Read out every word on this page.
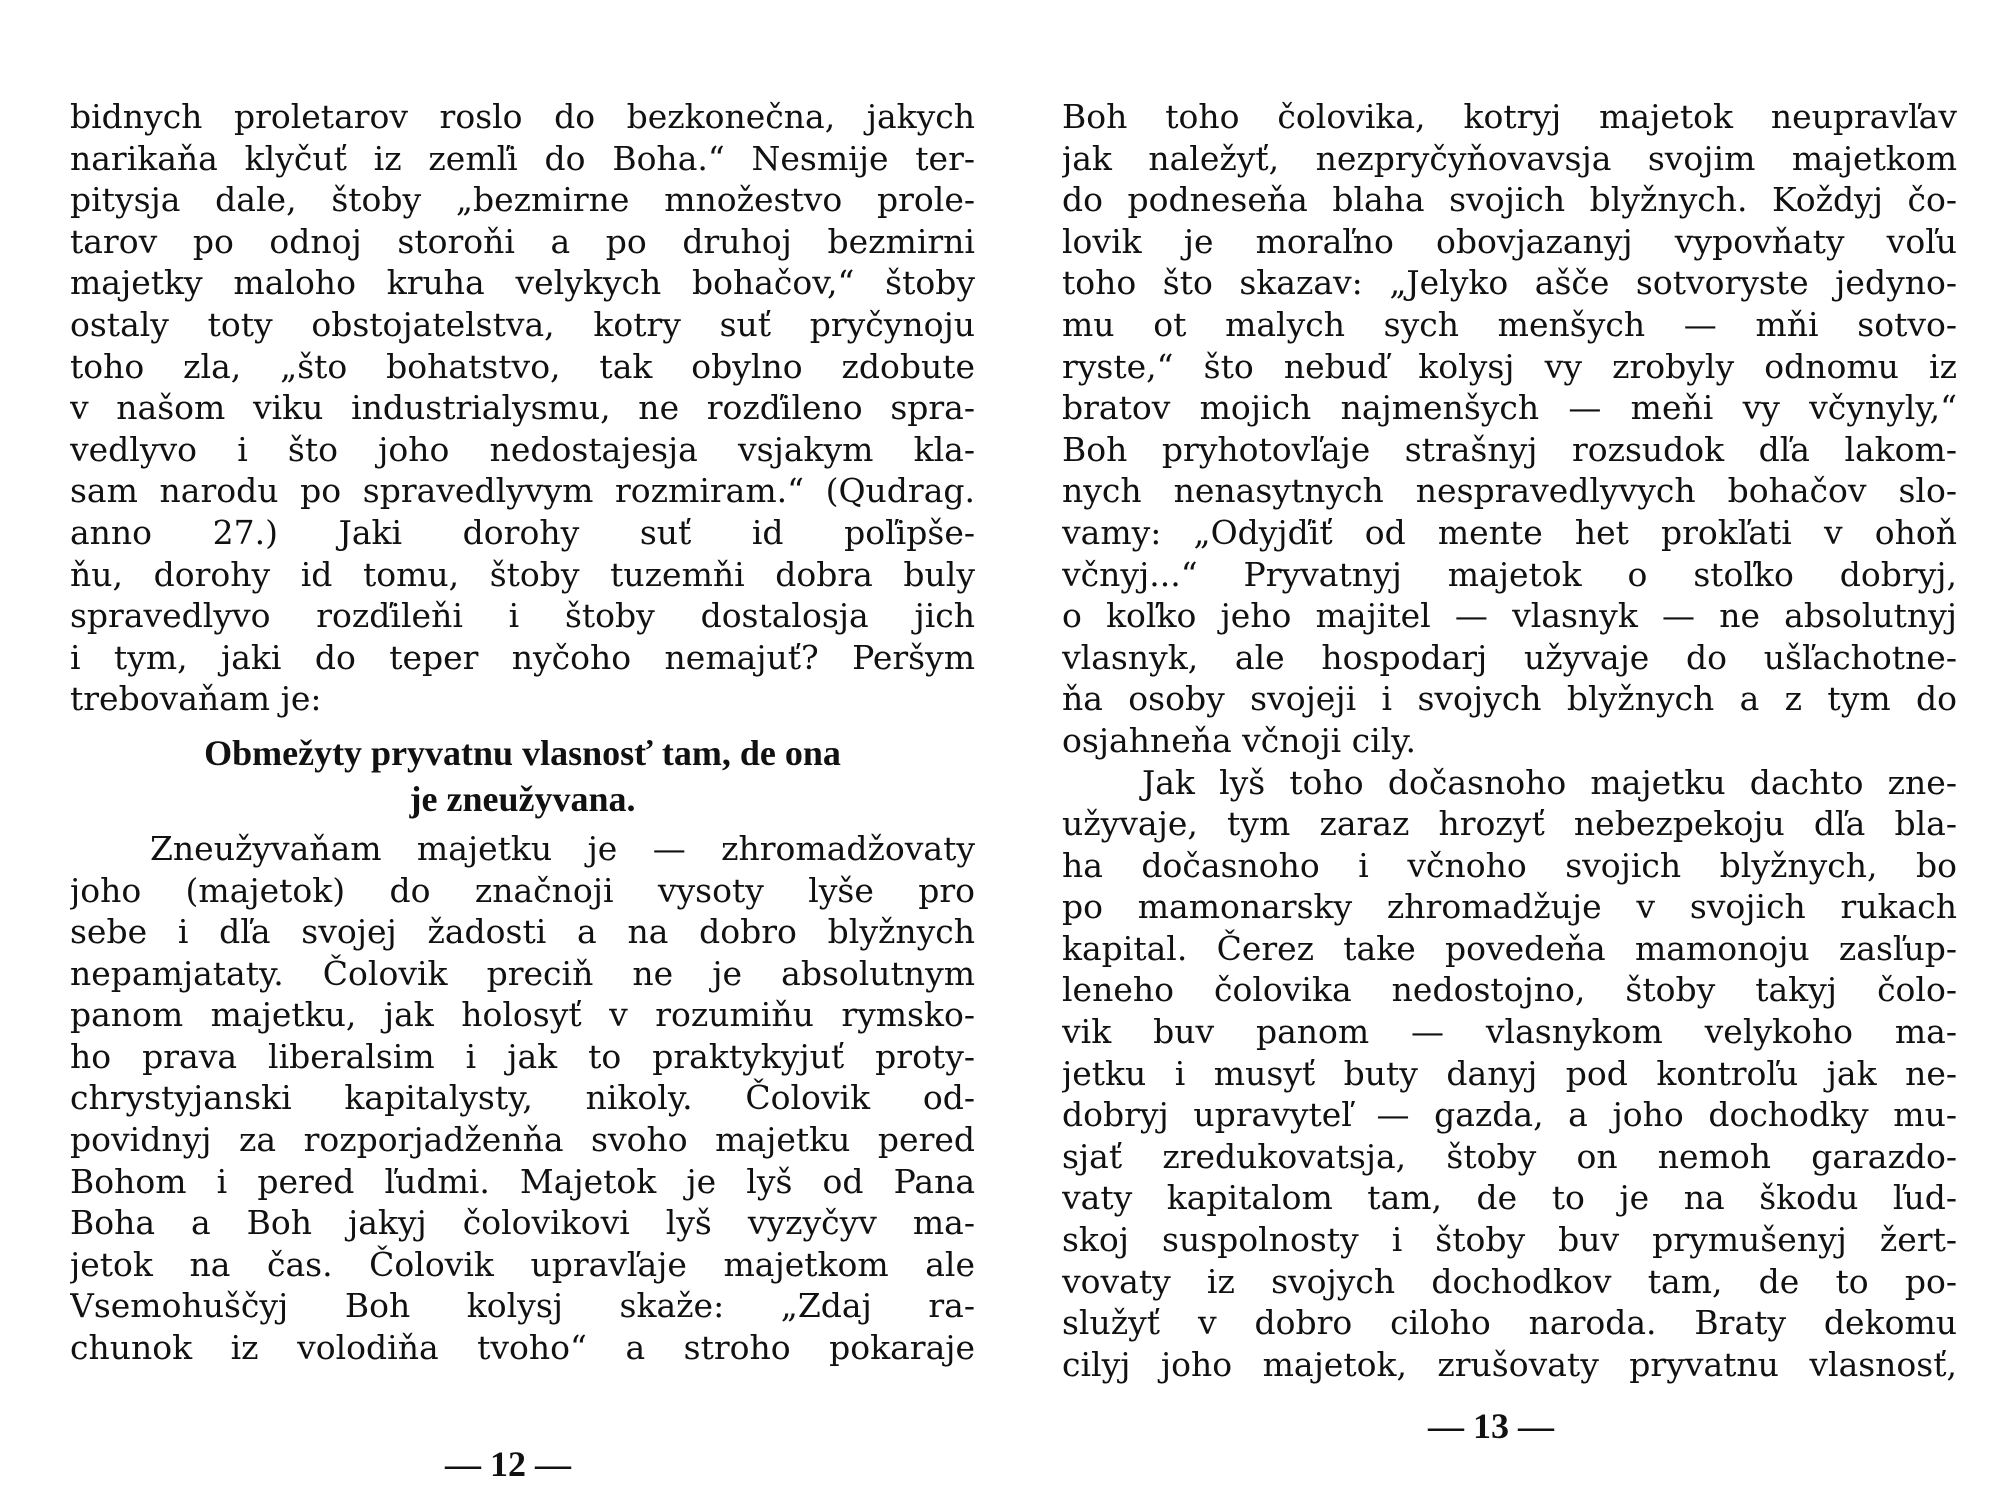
bidnych proletarov roslo do bezkonečna, jakych
narikaňa klyčuť iz zemľi do Boha.“ Nesmije ter-
pitysja dale, štoby „bezmirne množestvo prole-
tarov po odnoj storoňi a po druhoj bezmirni
majetky maloho kruha velykych bohačov,“ štoby
ostaly toty obstojatelstva, kotry suť pryčynoju
toho zla, „što bohatstvo, tak obylno zdobute
v našom viku industrialysmu, ne rozďileno spra-
vedlyvo i što joho nedostajesja vsjakym kla-
sam narodu po spravedlyvym rozmiram.“ (Qudrag.
anno 27.) Jaki dorohy suť id poľipše-
ňu, dorohy id tomu, štoby tuzemňi dobra buly
spravedlyvo rozďileňi i štoby dostalosja jich
i tym, jaki do teper nyčoho nemajuť? Peršym
trebovaňam je:
Obmežyty pryvatnu vlasnosť tam, de ona
je zneužyvana.
Zneužyvaňam majetku je — zhromadžovaty
joho (majetok) do značnoji vysoty lyše pro
sebe i dľa svojej žadosti a na dobro blyžnych
nepamjataty. Čolovik preciň ne je absolutnym
panom majetku, jak holosyť v rozumiňu rymsko-
ho prava liberalsim i jak to praktykyjuť proty-
chrystyjanski kapitalysty, nikoly. Čolovik od-
povidnyj za rozporjadženňa svoho majetku pered
Bohom i pered ľudmi. Majetok je lyš od Pana
Boha a Boh jakyj čolovikovi lyš vyzyčyv ma-
jetok na čas. Čolovik upravľaje majetkom ale
Vsemohuščyj Boh kolysj skaže: „Zdaj ra-
chunok iz volodiňa tvoho“ a stroho pokaraje
— 12 —
Boh toho čolovika, kotryj majetok neupravľav
jak naležyť, nezpryčyňovavsja svojim majetkom
do podneseňa blaha svojich blyžnych. Koždyj čo-
lovik je moraľno obovjazanyj vypovňaty voľu
toho što skazav: „Jelyko ašče sotvoryste jedyno-
mu ot malych sych menšych — mňi sotvo-
ryste,“ što nebuď kolysj vy zrobyly odnomu iz
bratov mojich najmenšych — meňi vy včynyly,“
Boh pryhotovľaje strašnyj rozsudok dľa lakom-
nych nenasytnych nespravedlyvych bohačov slo-
vamy: „Odyjďiť od mente het prokľati v ohoň
včnyj...“ Pryvatnyj majetok o stoľko dobryj,
o koľko jeho majitel — vlasnyk — ne absolutnyj
vlasnyk, ale hospodarj užyvaje do ušľachotne-
ňa osoby svojeji i svojych blyžnych a z tym do
osjahneňa včnoji cily.
Jak lyš toho dočasnoho majetku dachto zne-
užyvaje, tym zaraz hrozyť nebezpekoju dľa bla-
ha dočasnoho i včnoho svojich blyžnych, bo
po mamonarsky zhromadžuje v svojich rukach
kapital. Čerez take povedeňa mamonoju zasľup-
leneho čolovika nedostojno, štoby takyj čolo-
vik buv panom — vlasnykom velykoho ma-
jetku i musyť buty danyj pod kontroľu jak ne-
dobryj upravyteľ — gazda, a joho dochodky mu-
sjať zredukovatsja, štoby on nemoh garazdo-
vaty kapitalom tam, de to je na škodu ľud-
skoj suspolnosty i štoby buv prymušenyj žert-
vovaty iz svojych dochodkov tam, de to po-
služyť v dobro ciloho naroda. Braty dekomu
cilyj joho majetok, zrušovaty pryvatnu vlasnosť,
— 13 —
